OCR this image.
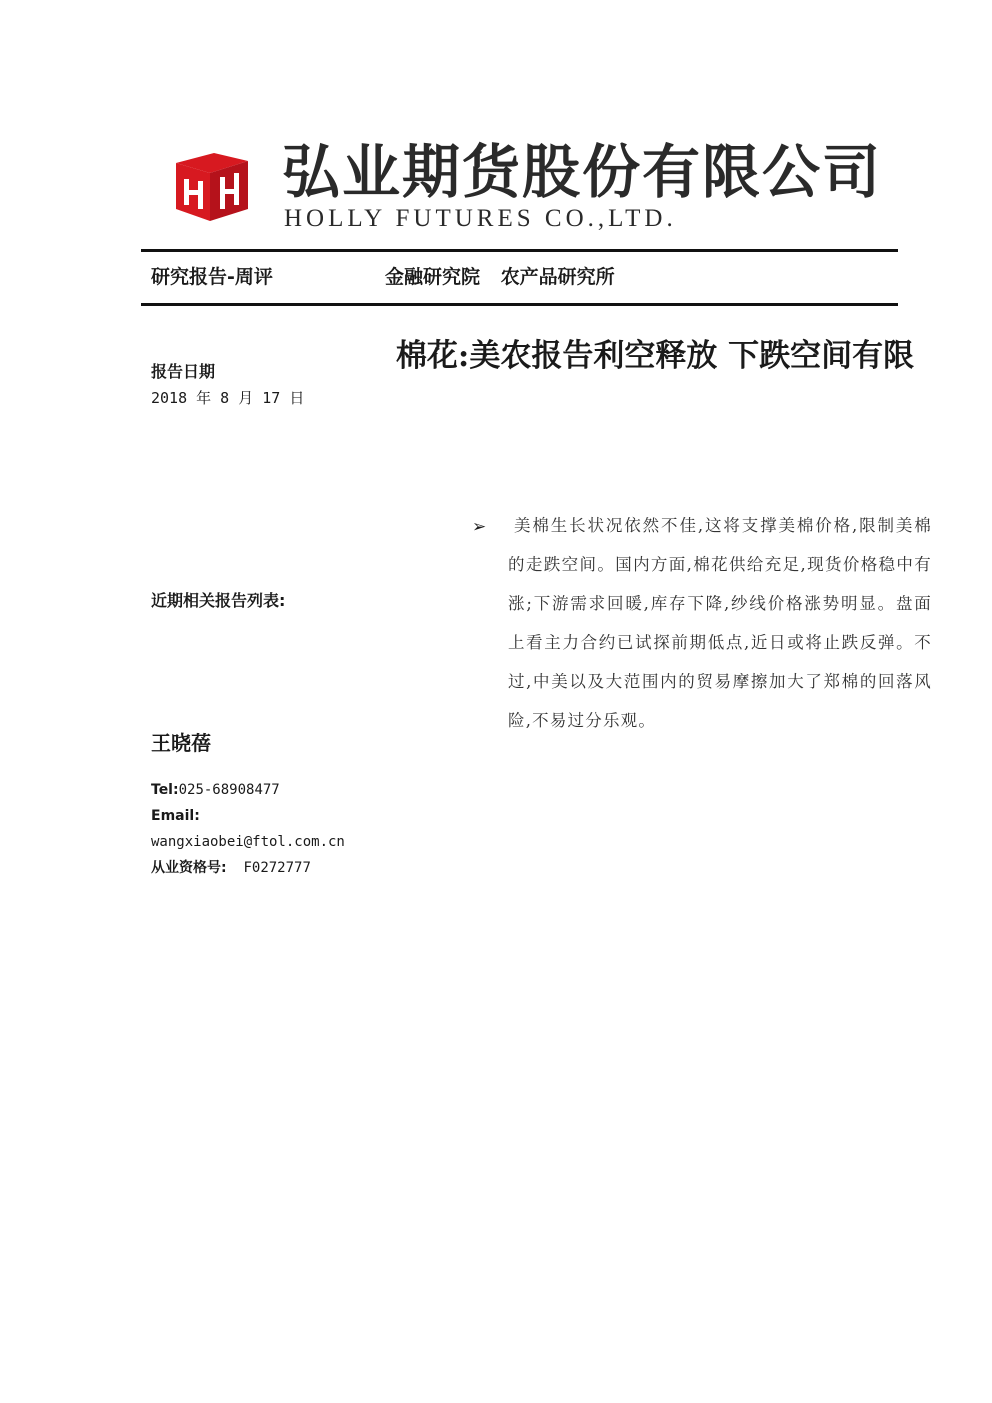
弘业期货股份有限公司
HOLLY FUTURES CO.,LTD.
研究报告-周评	金融研究院 农产品研究所
报告日期
2018 年 8 月 17 日
棉花:美农报告利空释放 下跌空间有限
近期相关报告列表:
王晓蓓
Tel:025-68908477
Email:
wangxiaobei@ftol.com.cn
从业资格号: F0272777
➢	美棉生长状况依然不佳,这将支撑美棉价格,限制美棉的走跌空间。国内方面,棉花供给充足,现货价格稳中有涨;下游需求回暖,库存下降,纱线价格涨势明显。盘面上看主力合约已试探前期低点,近日或将止跌反弹。不过,中美以及大范围内的贸易摩擦加大了郑棉的回落风险,不易过分乐观。
